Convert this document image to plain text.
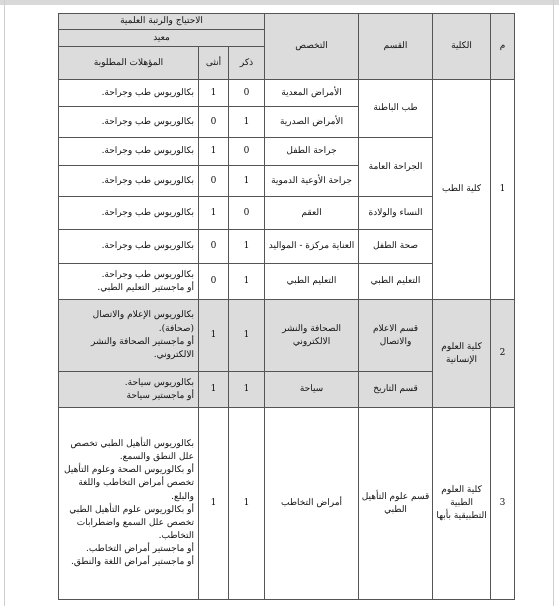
م	الكلية	القسم	التخصص	الاحتياج والرتبة العلمية		
				معيد		
				ذكر	أنثى	المؤهلات المطلوبة
1	كلية الطب	طب الباطنة	الأمراض المعدية	0	1	بكالوريوس طب وجراحة.

			الأمراض الصدرية	1	0	بكالوريوس طب وجراحة.

		الجراحة العامة	جراحة الطفل	0	1	بكالوريوس طب وجراحة.

			جراحة الأوعية الدموية	1	0	بكالوريوس طب وجراحة.

		النساء والولادة	العقم	0	1	بكالوريوس طب وجراحة.

		صحة الطفل	العناية مركزة - المواليد	1	0	بكالوريوس طب وجراحة.

		التعليم الطبي	التعليم الطبي	1	0	بكالوريوس طب وجراحة.
أو ماجستير التعليم الطبي.

2	كلية العلوم الإنسانية	قسم الاعلام والاتصال	الصحافة والنشر الالكتروني	1	1	بكالوريوس الإعلام والاتصال (صحافة).
أو ماجستير الصحافة والنشر الالكتروني.

		قسم التاريخ	سياحة	1	1	بكالوريوس سياحة.
أو ماجستير سياحة

3	كلية العلوم الطبية التطبيقية بأبها	قسم علوم التأهيل الطبي	أمراض التخاطب	1	1	بكالوريوس التأهيل الطبي تخصص علل النطق والسمع.
أو بكالوريوس الصحة وعلوم التأهيل تخصص أمراض التخاطب واللغة والبلع.
أو بكالوريوس علوم التأهيل الطبي تخصص علل السمع واضطرابات التخاطب.
أو ماجستير أمراض التخاطب.
أو ماجستير أمراض اللغة والنطق.
